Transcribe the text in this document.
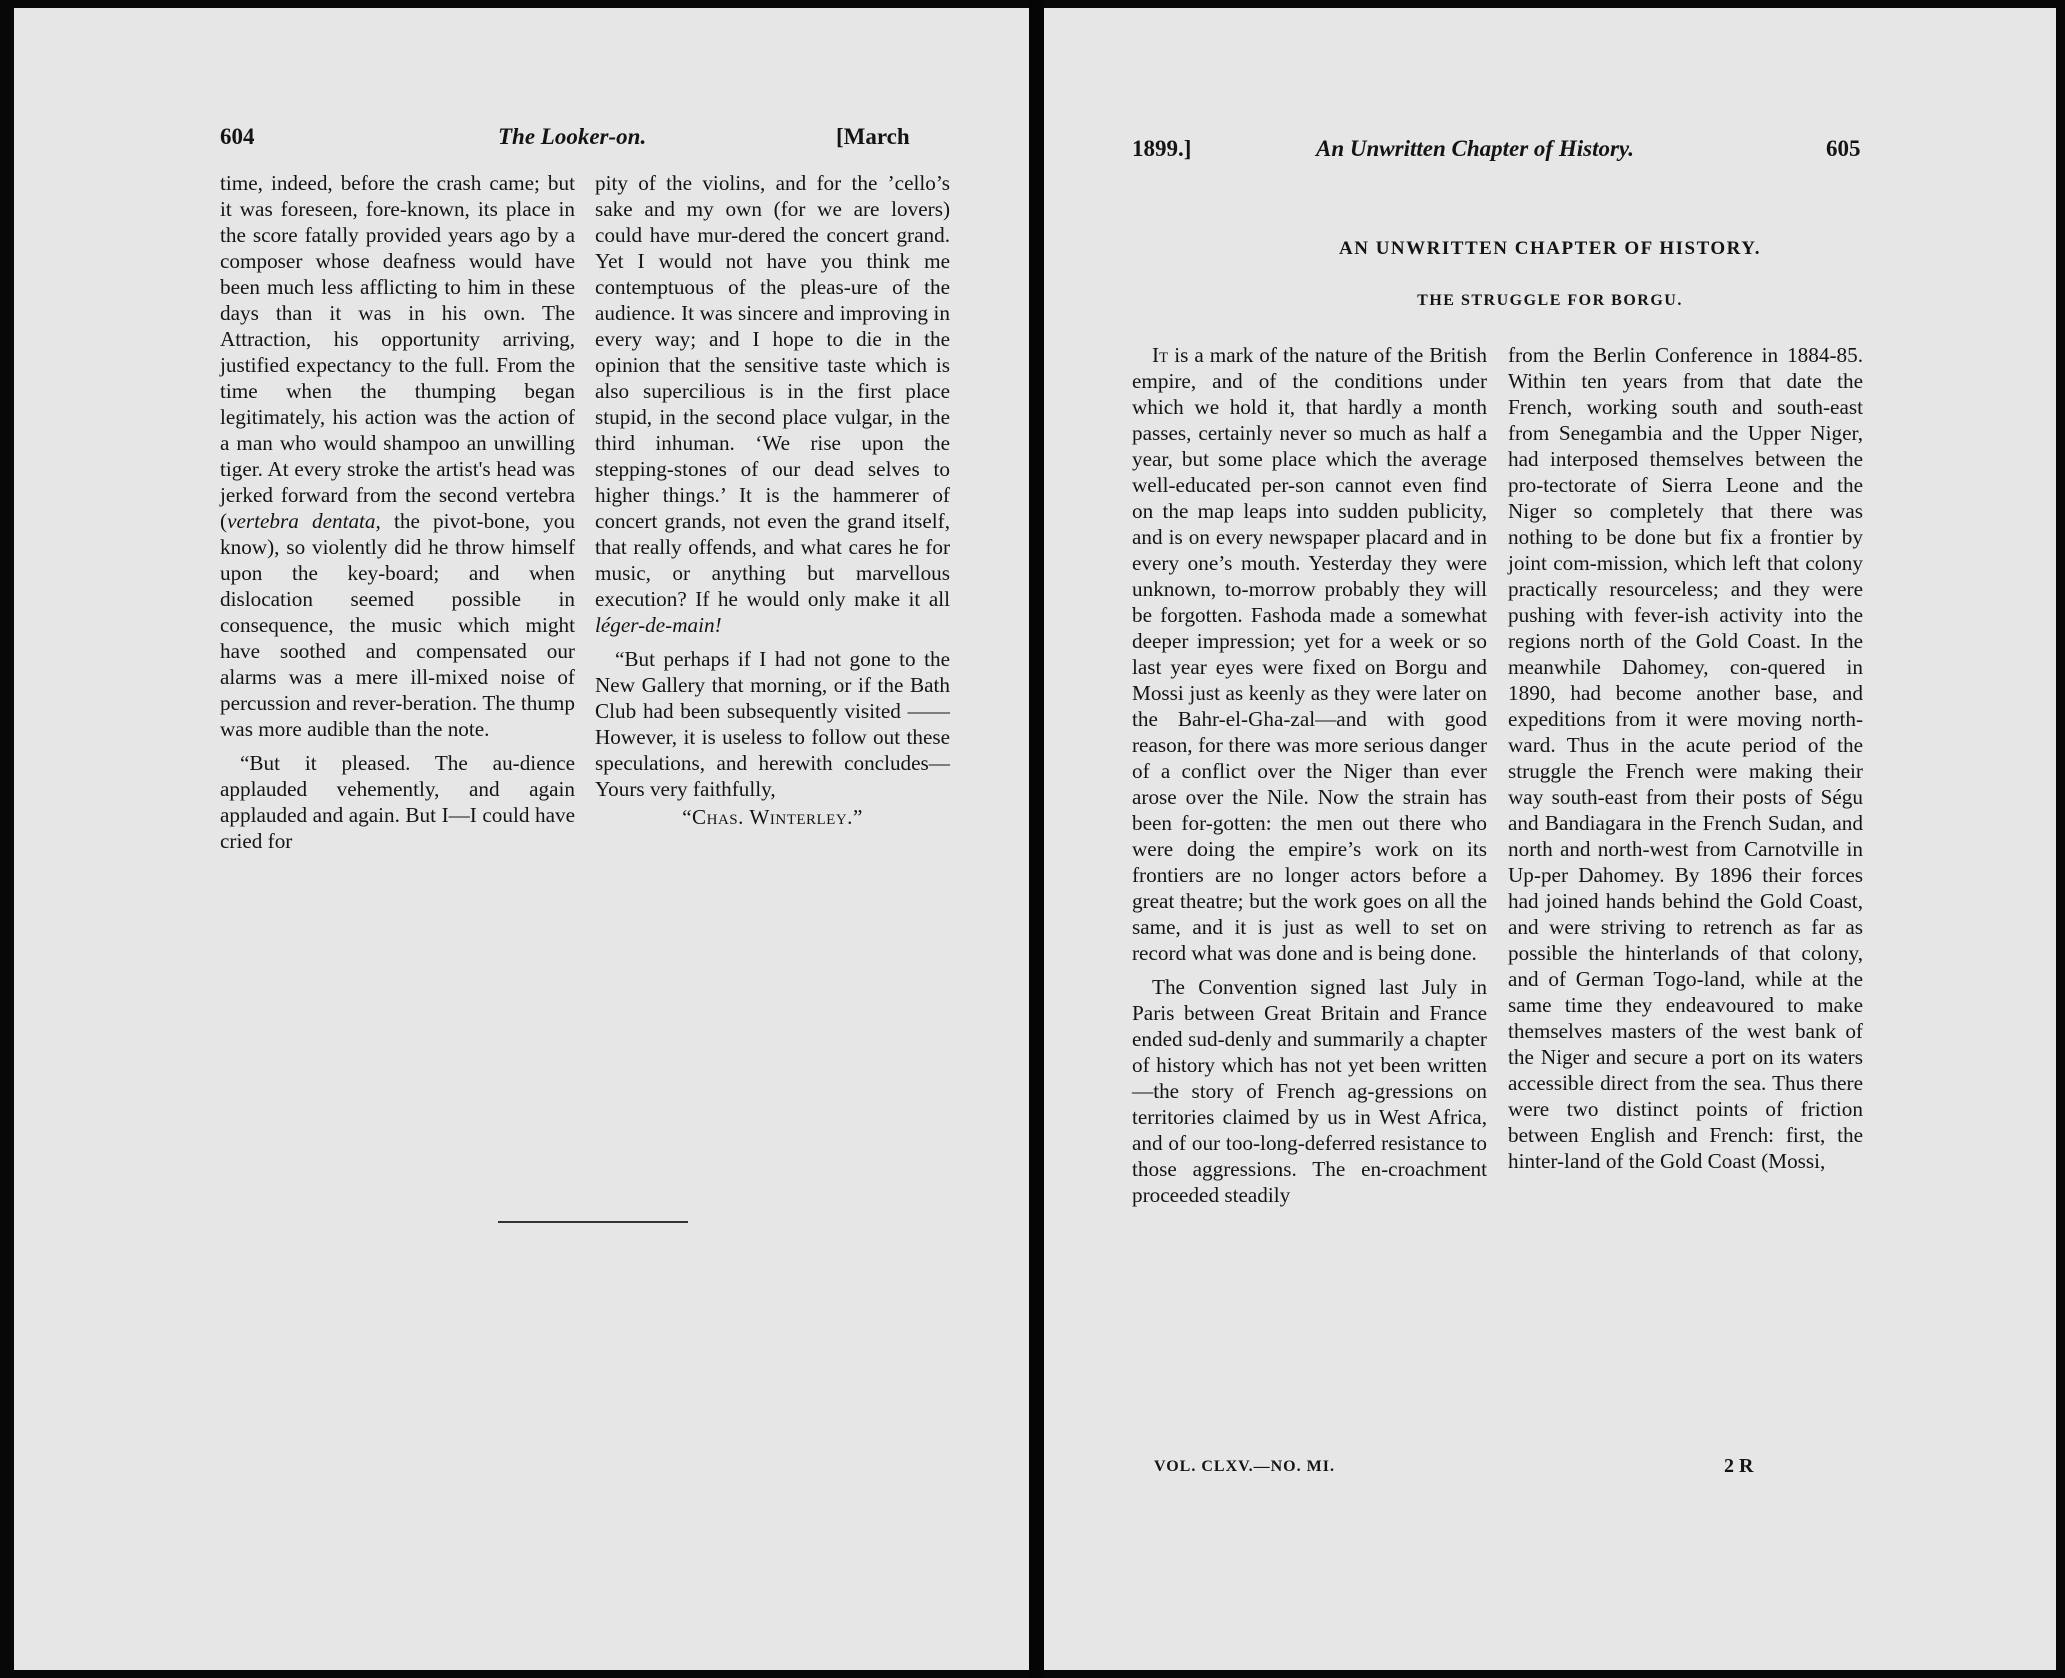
604	The Looker-on.	[March

time, indeed, before the crash came; but it was foreseen, fore-known, its place in the score fatally provided years ago by a composer whose deafness would have been much less afflicting to him in these days than it was in his own. The Attraction, his opportunity arriving, justified expectancy to the full. From the time when the thumping began legitimately, his action was the action of a man who would shampoo an unwilling tiger. At every stroke the artist's head was jerked forward from the second vertebra (vertebra dentata, the pivot-bone, you know), so violently did he throw himself upon the key-board; and when dislocation seemed possible in consequence, the music which might have soothed and compensated our alarms was a mere ill-mixed noise of percussion and rever-beration. The thump was more audible than the note.

“But it pleased. The au-dience applauded vehemently, and again applauded and again. But I—I could have cried for

pity of the violins, and for the ’cello’s sake and my own (for we are lovers) could have mur-dered the concert grand. Yet I would not have you think me contemptuous of the pleas-ure of the audience. It was sincere and improving in every way; and I hope to die in the opinion that the sensitive taste which is also supercilious is in the first place stupid, in the second place vulgar, in the third inhuman. ‘We rise upon the stepping-stones of our dead selves to higher things.’ It is the hammerer of concert grands, not even the grand itself, that really offends, and what cares he for music, or anything but marvellous execution? If he would only make it all léger-de-main!

“But perhaps if I had not gone to the New Gallery that morning, or if the Bath Club had been subsequently visited —— However, it is useless to follow out these speculations, and herewith concludes—Yours very faithfully,

“Chas. Winterley.”

1899.]	An Unwritten Chapter of History.	605
AN UNWRITTEN CHAPTER OF HISTORY.
THE STRUGGLE FOR BORGU.

It is a mark of the nature of the British empire, and of the conditions under which we hold it, that hardly a month passes, certainly never so much as half a year, but some place which the average well-educated per-son cannot even find on the map leaps into sudden publicity, and is on every newspaper placard and in every one’s mouth. Yesterday they were unknown, to-morrow probably they will be forgotten. Fashoda made a somewhat deeper impression; yet for a week or so last year eyes were fixed on Borgu and Mossi just as keenly as they were later on the Bahr-el-Gha-zal—and with good reason, for there was more serious danger of a conflict over the Niger than ever arose over the Nile. Now the strain has been for-gotten: the men out there who were doing the empire’s work on its frontiers are no longer actors before a great theatre; but the work goes on all the same, and it is just as well to set on record what was done and is being done.

The Convention signed last July in Paris between Great Britain and France ended sud-denly and summarily a chapter of history which has not yet been written—the story of French ag-gressions on territories claimed by us in West Africa, and of our too-long-deferred resistance to those aggressions. The en-croachment proceeded steadily

from the Berlin Conference in 1884-85. Within ten years from that date the French, working south and south-east from Senegambia and the Upper Niger, had interposed themselves between the pro-tectorate of Sierra Leone and the Niger so completely that there was nothing to be done but fix a frontier by joint com-mission, which left that colony practically resourceless; and they were pushing with fever-ish activity into the regions north of the Gold Coast. In the meanwhile Dahomey, con-quered in 1890, had become another base, and expeditions from it were moving north-ward. Thus in the acute period of the struggle the French were making their way south-east from their posts of Ségu and Bandiagara in the French Sudan, and north and north-west from Carnotville in Up-per Dahomey. By 1896 their forces had joined hands behind the Gold Coast, and were striving to retrench as far as possible the hinterlands of that colony, and of German Togo-land, while at the same time they endeavoured to make themselves masters of the west bank of the Niger and secure a port on its waters accessible direct from the sea. Thus there were two distinct points of friction between English and French: first, the hinter-land of the Gold Coast (Mossi,

VOL. CLXV.—NO. MI.	2 R
